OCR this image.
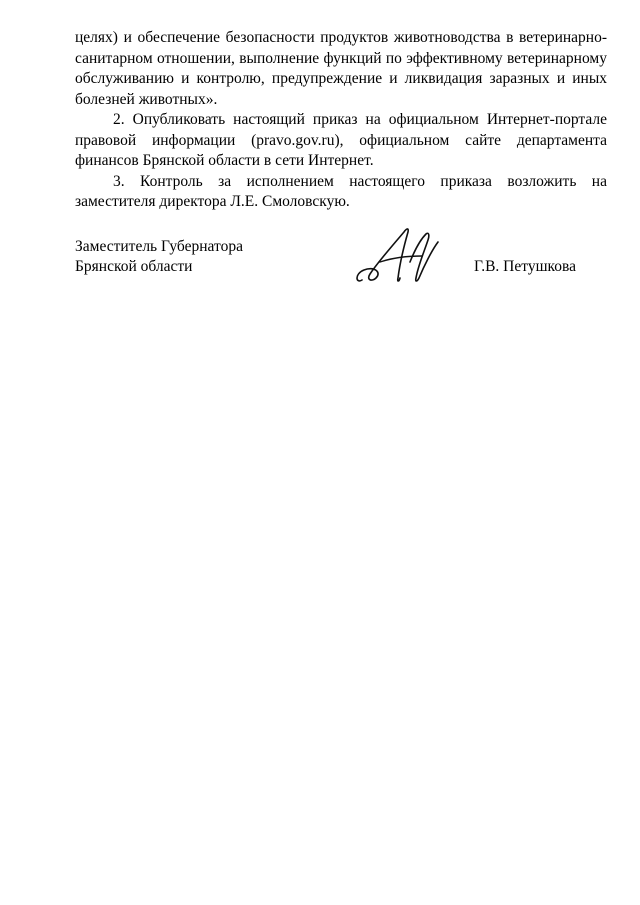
целях) и обеспечение безопасности продуктов животноводства в ветеринарно-санитарном отношении, выполнение функций по эффективному ветеринарному обслуживанию и контролю, предупреждение и ликвидация заразных и иных болезней животных».

2. Опубликовать настоящий приказ на официальном Интернет-портале правовой информации (pravo.gov.ru), официальном сайте департамента финансов Брянской области в сети Интернет.

3. Контроль за исполнением настоящего приказа возложить на заместителя директора Л.Е. Смоловскую.

Заместитель Губернатора
Брянской области	Г.В. Петушкова
